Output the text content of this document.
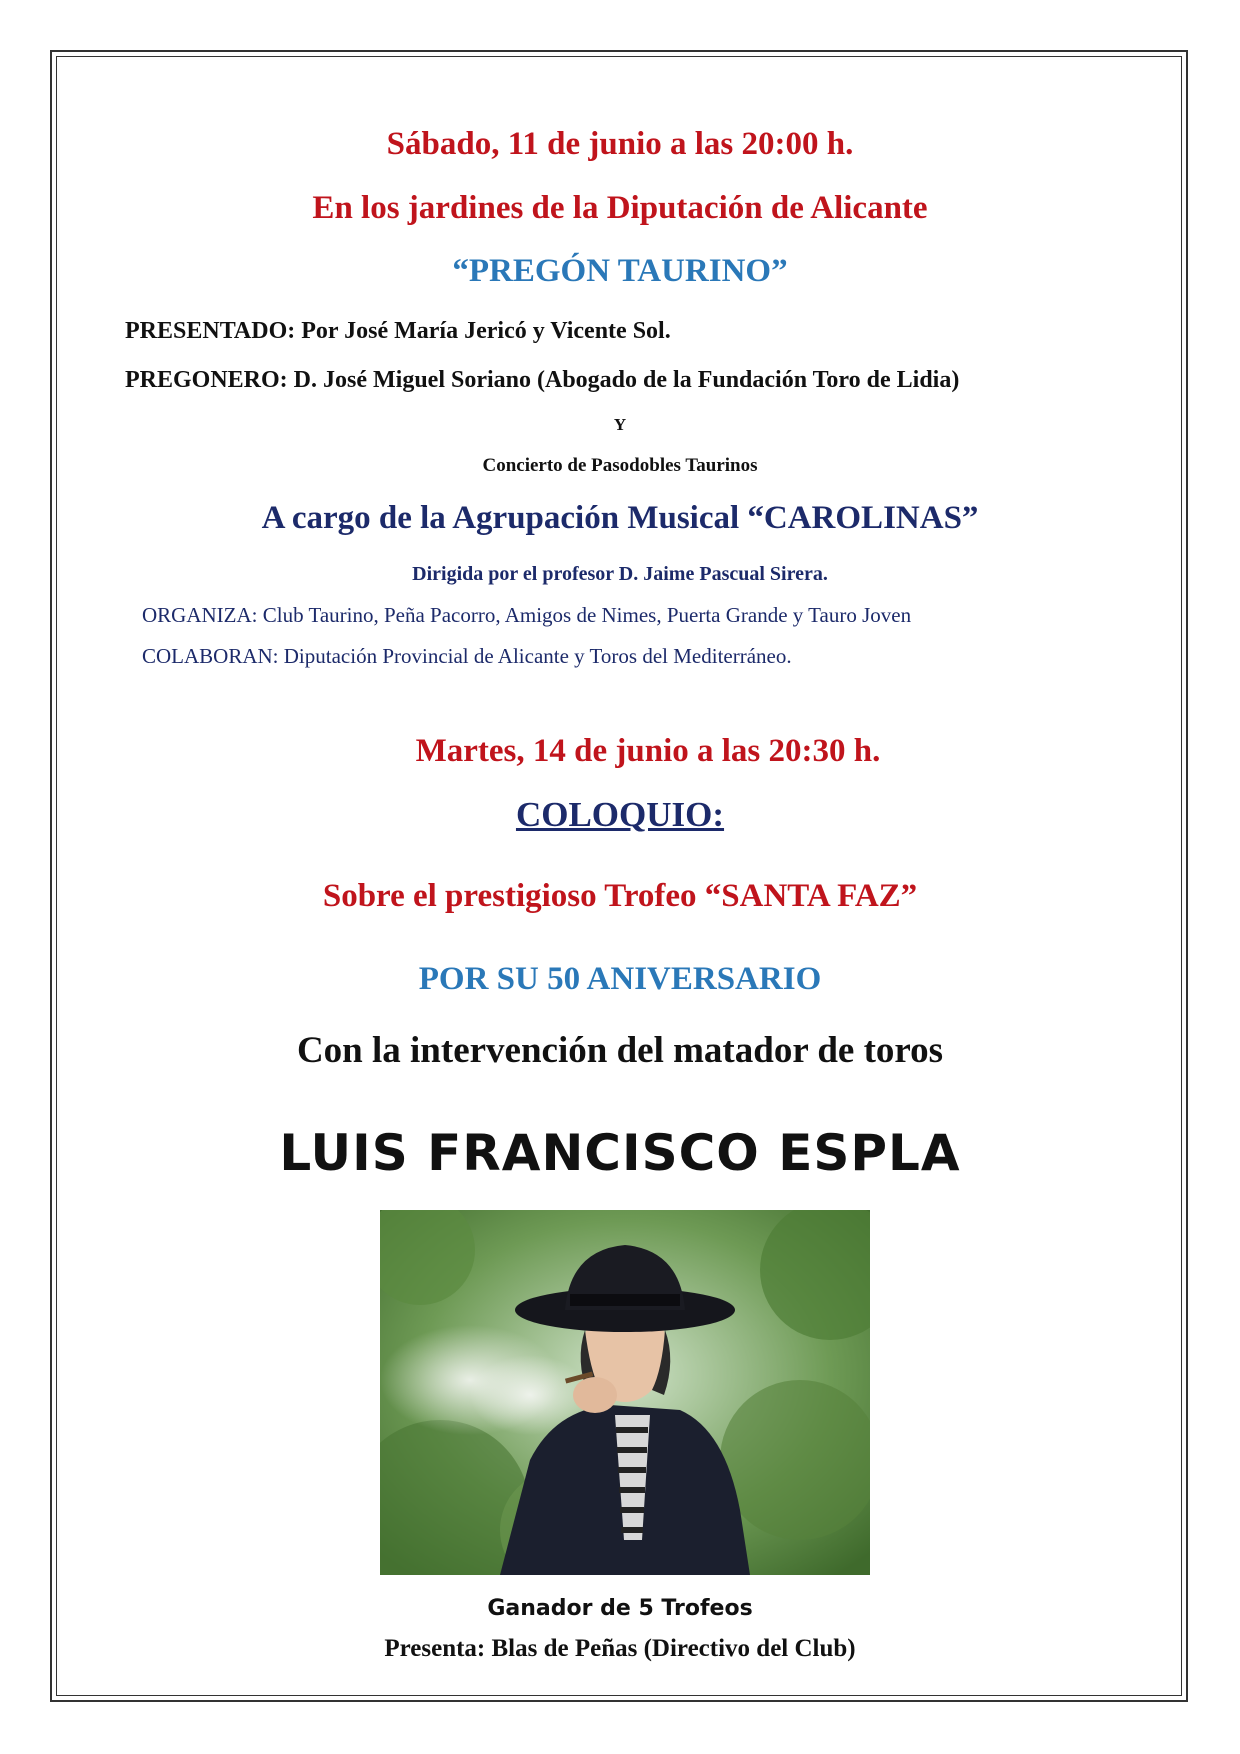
Sábado, 11 de junio a las 20:00 h.
En los jardines de la Diputación de Alicante
“PREGÓN TAURINO”
PRESENTADO: Por José María Jericó y Vicente Sol.
PREGONERO: D. José Miguel Soriano (Abogado de la Fundación Toro de Lidia)
Y
Concierto de Pasodobles Taurinos
A cargo de la Agrupación Musical “CAROLINAS”
Dirigida por el profesor D. Jaime Pascual Sirera.
ORGANIZA: Club Taurino, Peña Pacorro, Amigos de Nimes, Puerta Grande y Tauro Joven
COLABORAN: Diputación Provincial de Alicante y Toros del Mediterráneo.
Martes, 14 de junio a las 20:30 h.
COLOQUIO:
Sobre el prestigioso Trofeo “SANTA FAZ”
POR SU 50 ANIVERSARIO
Con la intervención del matador de toros
LUIS FRANCISCO ESPLA
Ganador de 5 Trofeos
Presenta: Blas de Peñas (Directivo del Club)
